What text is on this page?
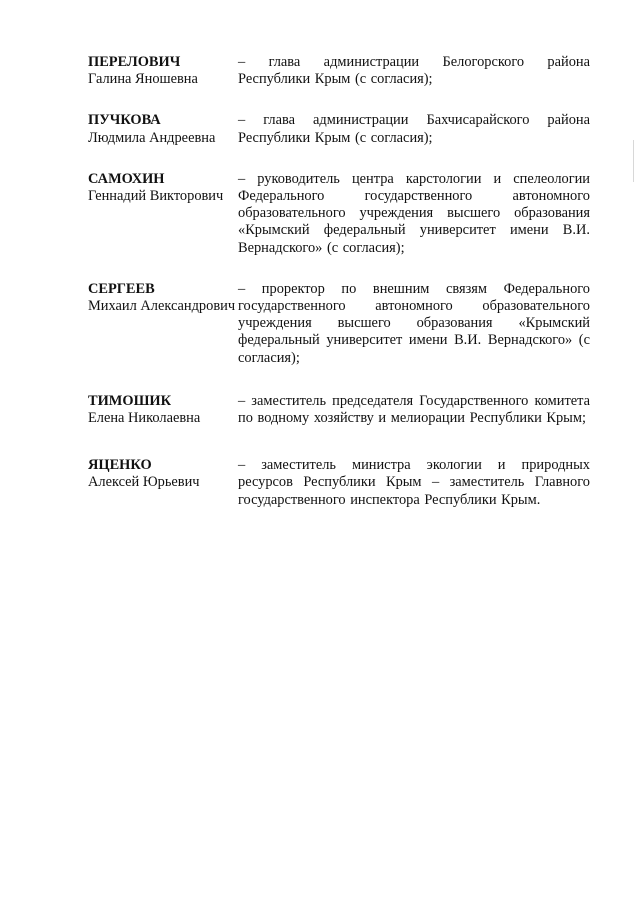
ПЕРЕЛОВИЧ
Галина Яношевна
– глава администрации Белогорского района Республики Крым (с согласия);
ПУЧКОВА
Людмила Андреевна
– глава администрации Бахчисарайского района Республики Крым (с согласия);
САМОХИН
Геннадий Викторович
– руководитель центра карстологии и спелеологии Федерального государственного автономного образовательного учреждения высшего образования «Крымский федеральный университет имени В.И. Вернадского» (с согласия);
СЕРГЕЕВ
Михаил Александрович
– проректор по внешним связям Федерального государственного автономного образовательного учреждения высшего образования «Крымский федеральный университет имени В.И. Вернадского» (с согласия);
ТИМОШИК
Елена Николаевна
– заместитель председателя Государственного комитета по водному хозяйству и мелиорации Республики Крым;
ЯЦЕНКО
Алексей Юрьевич
– заместитель министра экологии и природных ресурсов Республики Крым – заместитель Главного государственного инспектора Республики Крым.
